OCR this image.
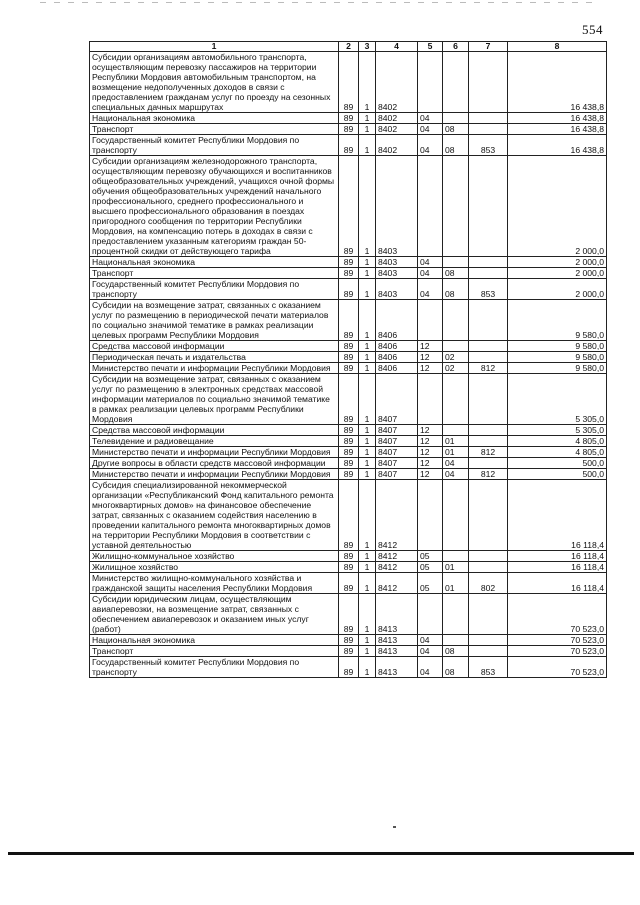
554
1	2	3	4	5	6	7	8
Субсидии организациям автомобильного транспорта, осуществляющим перевозку пассажиров на территории Республики Мордовия автомобильным транспортом, на возмещение недополученных доходов в связи с предоставлением гражданам услуг по проезду на сезонных специальных дачных маршрутах	89	1	8402				16 438,8
Национальная экономика	89	1	8402	04			16 438,8
Транспорт	89	1	8402	04	08		16 438,8
Государственный комитет Республики Мордовия по транспорту	89	1	8402	04	08	853	16 438,8
Субсидии организациям железнодорожного транспорта, осуществляющим перевозку обучающихся и воспитанников общеобразовательных учреждений, учащихся очной формы обучения общеобразовательных учреждений начального профессионального, среднего профессионального и высшего профессионального образования в поездах пригородного сообщения по территории Республики Мордовия, на компенсацию потерь в доходах в связи с предоставлением указанным категориям граждан 50-процентной скидки от действующего тарифа	89	1	8403				2 000,0
Национальная экономика	89	1	8403	04			2 000,0
Транспорт	89	1	8403	04	08		2 000,0
Государственный комитет Республики Мордовия по транспорту	89	1	8403	04	08	853	2 000,0
Субсидии на возмещение затрат, связанных с оказанием услуг по размещению в периодической печати материалов по социально значимой тематике в рамках реализации целевых программ Республики Мордовия	89	1	8406				9 580,0
Средства массовой информации	89	1	8406	12			9 580,0
Периодическая печать и издательства	89	1	8406	12	02		9 580,0
Министерство печати и информации Республики Мордовия	89	1	8406	12	02	812	9 580,0
Субсидии на возмещение затрат, связанных с оказанием услуг по размещению в электронных средствах массовой информации материалов по социально значимой тематике в рамках реализации целевых программ Республики Мордовия	89	1	8407				5 305,0
Средства массовой информации	89	1	8407	12			5 305,0
Телевидение и радиовещание	89	1	8407	12	01		4 805,0
Министерство печати и информации Республики Мордовия	89	1	8407	12	01	812	4 805,0
Другие вопросы в области средств массовой информации	89	1	8407	12	04		500,0
Министерство печати и информации Республики Мордовия	89	1	8407	12	04	812	500,0
Субсидия специализированной некоммерческой организации «Республиканский Фонд капитального ремонта многоквартирных домов» на финансовое обеспечение затрат, связанных с оказанием содействия населению в проведении капитального ремонта многоквартирных домов на территории Республики Мордовия в соответствии с уставной деятельностью	89	1	8412				16 118,4
Жилищно-коммунальное хозяйство	89	1	8412	05			16 118,4
Жилищное хозяйство	89	1	8412	05	01		16 118,4
Министерство жилищно-коммунального хозяйства и гражданской защиты населения Республики Мордовия	89	1	8412	05	01	802	16 118,4
Субсидии юридическим лицам, осуществляющим авиаперевозки, на возмещение затрат, связанных с обеспечением авиаперевозок и оказанием иных услуг (работ)	89	1	8413				70 523,0
Национальная экономика	89	1	8413	04			70 523,0
Транспорт	89	1	8413	04	08		70 523,0
Государственный комитет Республики Мордовия по транспорту	89	1	8413	04	08	853	70 523,0
